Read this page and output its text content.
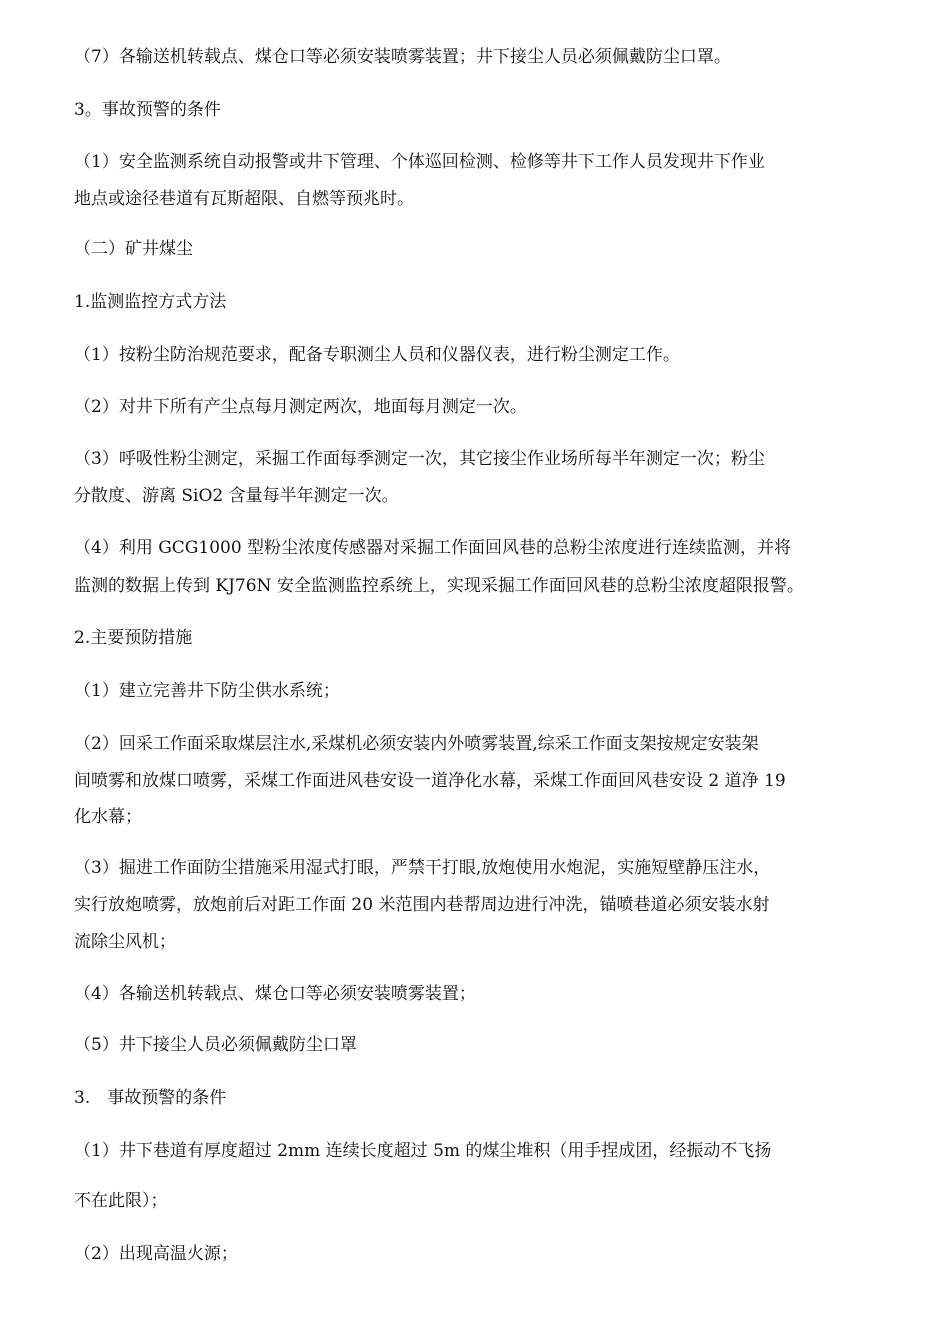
（7）各输送机转载点、煤仓口等必须安装喷雾装置；井下接尘人员必须佩戴防尘口罩。
3。事故预警的条件
（1）安全监测系统自动报警或井下管理、个体巡回检测、检修等井下工作人员发现井下作业
地点或途径巷道有瓦斯超限、自燃等预兆时。
（二）矿井煤尘
1.监测监控方式方法
（1）按粉尘防治规范要求，配备专职测尘人员和仪器仪表，进行粉尘测定工作。
（2）对井下所有产尘点每月测定两次，地面每月测定一次。
（3）呼吸性粉尘测定，采掘工作面每季测定一次，其它接尘作业场所每半年测定一次；粉尘
分散度、游离 SiO2 含量每半年测定一次。
（4）利用 GCG1000 型粉尘浓度传感器对采掘工作面回风巷的总粉尘浓度进行连续监测，并将
监测的数据上传到 KJ76N 安全监测监控系统上，实现采掘工作面回风巷的总粉尘浓度超限报警。
2.主要预防措施
（1）建立完善井下防尘供水系统；
（2）回采工作面采取煤层注水,采煤机必须安装内外喷雾装置,综采工作面支架按规定安装架
间喷雾和放煤口喷雾，采煤工作面进风巷安设一道净化水幕，采煤工作面回风巷安设 2 道净 19
化水幕；
（3）掘进工作面防尘措施采用湿式打眼，严禁干打眼,放炮使用水炮泥，实施短壁静压注水，
实行放炮喷雾，放炮前后对距工作面 20 米范围内巷帮周边进行冲洗，锚喷巷道必须安装水射
流除尘风机；
（4）各输送机转载点、煤仓口等必须安装喷雾装置；
（5）井下接尘人员必须佩戴防尘口罩
3.　事故预警的条件
（1）井下巷道有厚度超过 2mm 连续长度超过 5m 的煤尘堆积（用手捏成团，经振动不飞扬
不在此限）；
（2）出现高温火源；
